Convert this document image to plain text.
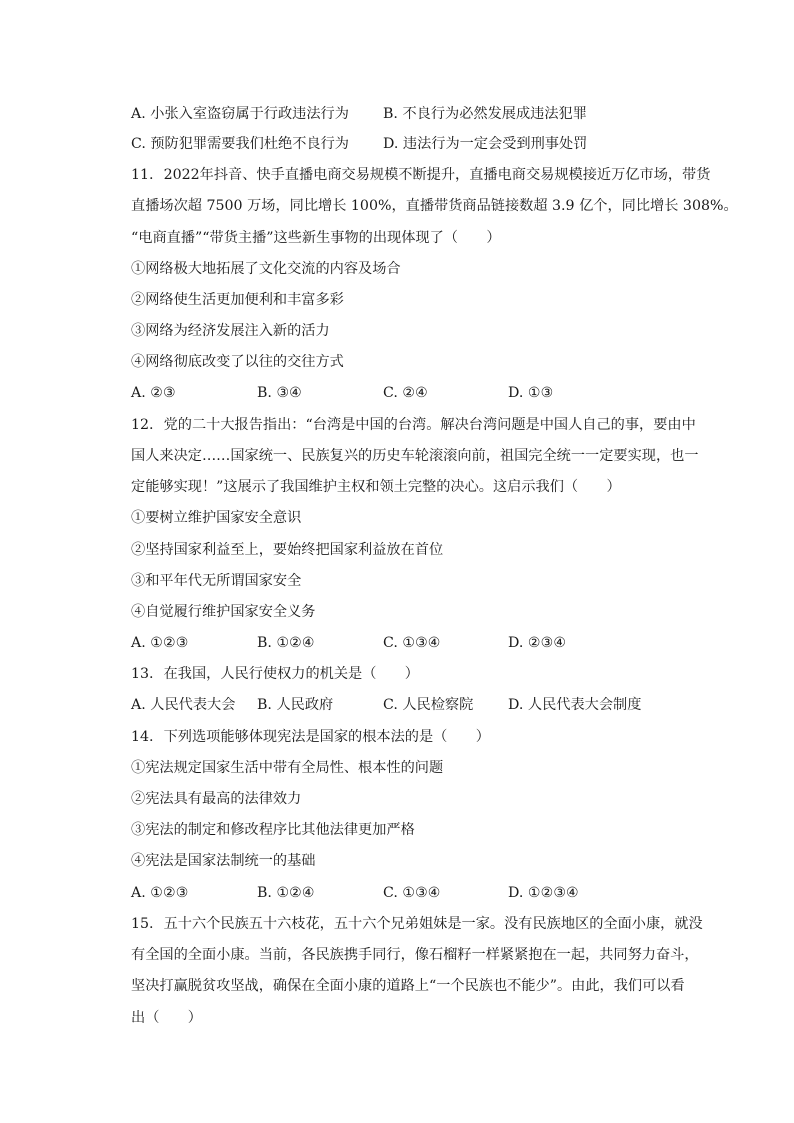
A. 小张入室盗窃属于行政违法行为 B. 不良行为必然发展成违法犯罪
C. 预防犯罪需要我们杜绝不良行为 D. 违法行为一定会受到刑事处罚
11. 2022年抖音、快手直播电商交易规模不断提升，直播电商交易规模接近万亿市场，带货
直播场次超 7500 万场，同比增长 100%，直播带货商品链接数超 3.9 亿个，同比增长 308%。
“电商直播”“带货主播”这些新生事物的出现体现了（　　）
①网络极大地拓展了文化交流的内容及场合
②网络使生活更加便利和丰富多彩
③网络为经济发展注入新的活力
④网络彻底改变了以往的交往方式
A. ②③	B. ③④	C. ②④	D. ①③
12. 党的二十大报告指出：“台湾是中国的台湾。解决台湾问题是中国人自己的事，要由中
国人来决定……国家统一、民族复兴的历史车轮滚滚向前，祖国完全统一一定要实现，也一
定能够实现！”这展示了我国维护主权和领土完整的决心。这启示我们（　　）
①要树立维护国家安全意识
②坚持国家利益至上，要始终把国家利益放在首位
③和平年代无所谓国家安全
④自觉履行维护国家安全义务
A. ①②③	B. ①②④	C. ①③④	D. ②③④
13. 在我国，人民行使权力的机关是（　　）
A. 人民代表大会 B. 人民政府	C. 人民检察院 D. 人民代表大会制度
14. 下列选项能够体现宪法是国家的根本法的是（　　）
①宪法规定国家生活中带有全局性、根本性的问题
②宪法具有最高的法律效力
③宪法的制定和修改程序比其他法律更加严格
④宪法是国家法制统一的基础
A. ①②③	B. ①②④	C. ①③④	D. ①②③④
15. 五十六个民族五十六枝花，五十六个兄弟姐妹是一家。没有民族地区的全面小康，就没
有全国的全面小康。当前，各民族携手同行，像石榴籽一样紧紧抱在一起，共同努力奋斗，
坚决打赢脱贫攻坚战，确保在全面小康的道路上“一个民族也不能少”。由此，我们可以看
出（　　）
